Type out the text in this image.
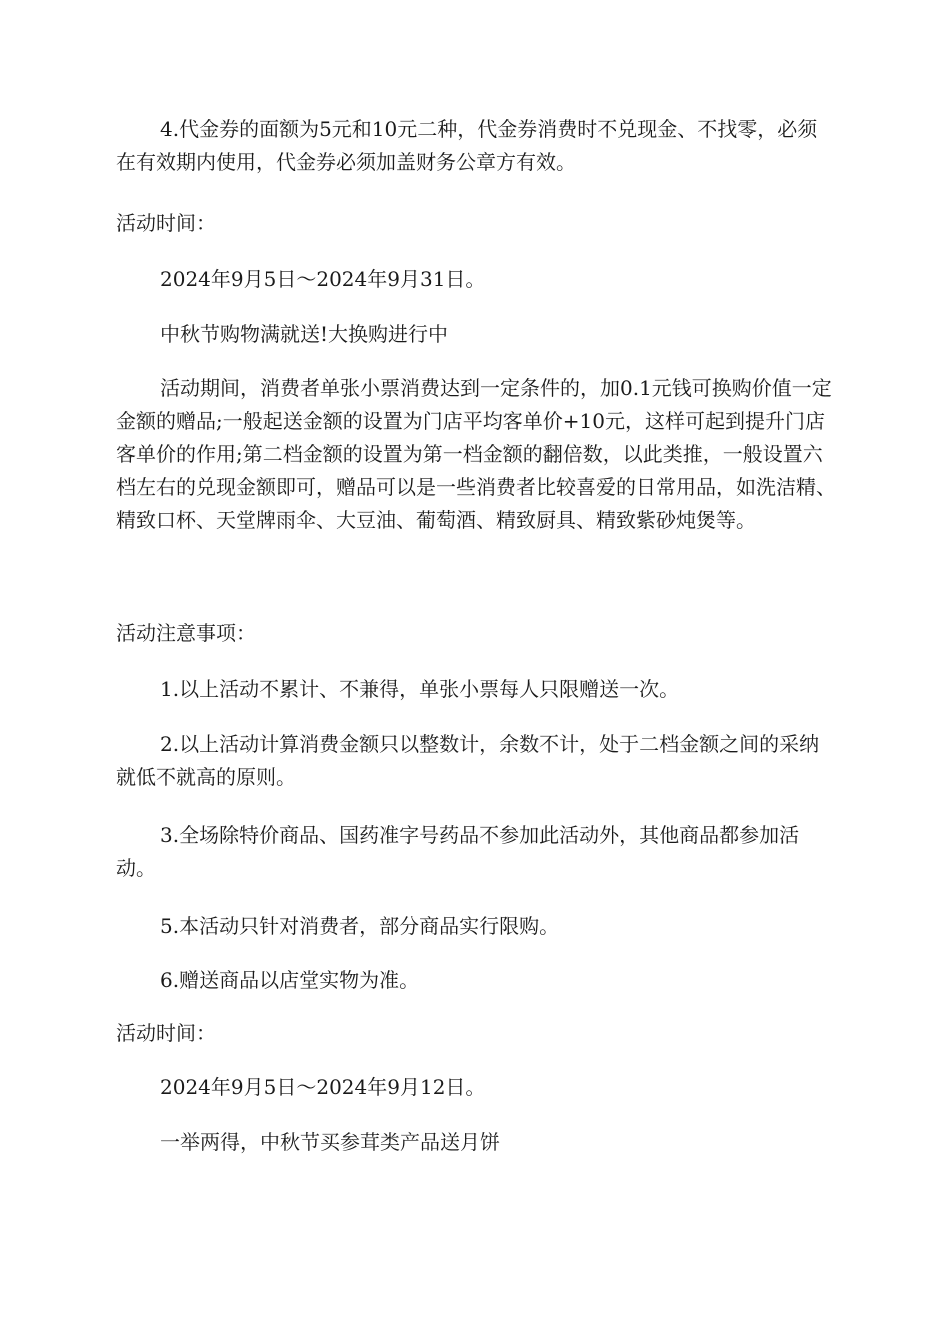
4.代金券的面额为5元和10元二种，代金券消费时不兑现金、不找零，必须在有效期内使用，代金券必须加盖财务公章方有效。

活动时间：

2024年9月5日～2024年9月31日。

中秋节购物满就送!大换购进行中

活动期间，消费者单张小票消费达到一定条件的，加0.1元钱可换购价值一定金额的赠品;一般起送金额的设置为门店平均客单价+10元，这样可起到提升门店客单价的作用;第二档金额的设置为第一档金额的翻倍数，以此类推，一般设置六档左右的兑现金额即可，赠品可以是一些消费者比较喜爱的日常用品，如洗洁精、精致口杯、天堂牌雨伞、大豆油、葡萄酒、精致厨具、精致紫砂炖煲等。

活动注意事项：

1.以上活动不累计、不兼得，单张小票每人只限赠送一次。

2.以上活动计算消费金额只以整数计，余数不计，处于二档金额之间的采纳就低不就高的原则。

3.全场除特价商品、国药准字号药品不参加此活动外，其他商品都参加活动。

5.本活动只针对消费者，部分商品实行限购。

6.赠送商品以店堂实物为准。

活动时间：

2024年9月5日～2024年9月12日。

一举两得，中秋节买参茸类产品送月饼
